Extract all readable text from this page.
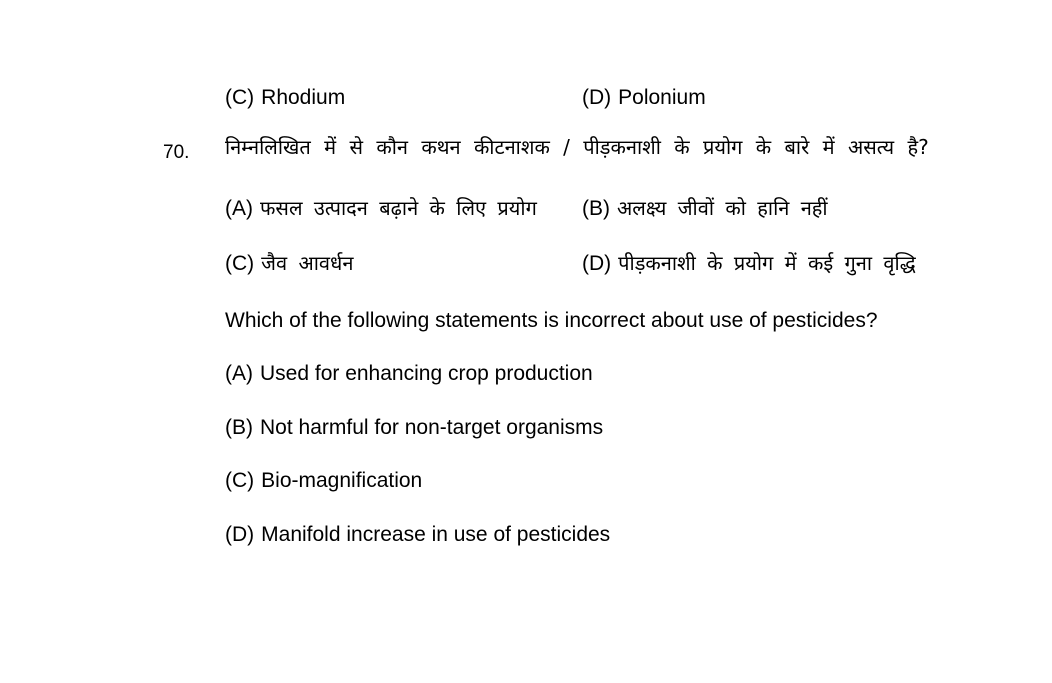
(C) Rhodium	(D) Polonium
70. निम्नलिखित में से कौन कथन कीटनाशक / पीड़कनाशी के प्रयोग के बारे में असत्य है?
(A) फसल उत्पादन बढ़ाने के लिए प्रयोग (B) अलक्ष्य जीवों को हानि नहीं
(C) जैव आवर्धन	(D) पीड़कनाशी के प्रयोग में कई गुना वृद्धि
Which of the following statements is incorrect about use of pesticides?
(A) Used for enhancing crop production
(B) Not harmful for non-target organisms
(C) Bio-magnification
(D) Manifold increase in use of pesticides
